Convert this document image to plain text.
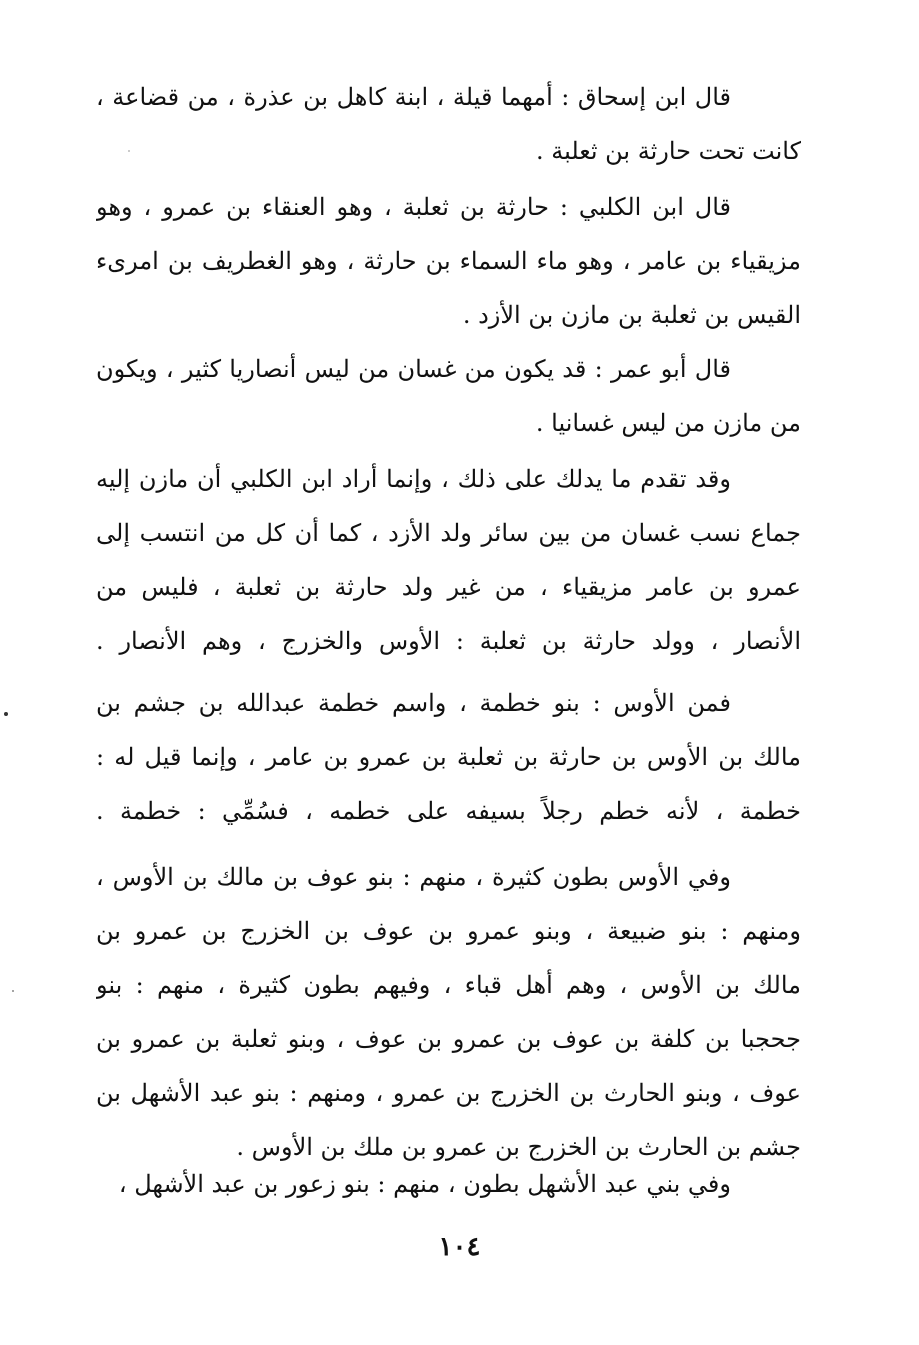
قال ابن إسحاق : أمهما قيلة ، ابنة كاهل بن عذرة ، من قضاعة ،
كانت تحت حارثة بن ثعلبة .
قال ابن الكلبي : حارثة بن ثعلبة ، وهو العنقاء بن عمرو ، وهو
مزيقياء بن عامر ، وهو ماء السماء بن حارثة ، وهو الغطريف بن امرىء
القيس بن ثعلبة بن مازن بن الأزد .
قال أبو عمر : قد يكون من غسان من ليس أنصاريا كثير ، ويكون
من مازن من ليس غسانيا .
وقد تقدم ما يدلك على ذلك ، وإنما أراد ابن الكلبي أن مازن إليه
جماع نسب غسان من بين سائر ولد الأزد ، كما أن كل من انتسب إلى
عمرو بن عامر مزيقياء ، من غير ولد حارثة بن ثعلبة ، فليس من
الأنصار ، وولد حارثة بن ثعلبة : الأوس والخزرج ، وهم الأنصار .
فمن الأوس : بنو خطمة ، واسم خطمة عبدالله بن جشم بن
مالك بن الأوس بن حارثة بن ثعلبة بن عمرو بن عامر ، وإنما قيل له :
خطمة ، لأنه خطم رجلاً بسيفه على خطمه ، فسُمِّي : خطمة .
وفي الأوس بطون كثيرة ، منهم : بنو عوف بن مالك بن الأوس ،
ومنهم : بنو ضبيعة ، وبنو عمرو بن عوف بن الخزرج بن عمرو بن
مالك بن الأوس ، وهم أهل قباء ، وفيهم بطون كثيرة ، منهم : بنو
جحجبا بن كلفة بن عوف بن عمرو بن عوف ، وبنو ثعلبة بن عمرو بن
عوف ، وبنو الحارث بن الخزرج بن عمرو ، ومنهم : بنو عبد الأشهل بن
جشم بن الحارث بن الخزرج بن عمرو بن ملك بن الأوس .
وفي بني عبد الأشهل بطون ، منهم : بنو زعور بن عبد الأشهل ،
١٠٤
